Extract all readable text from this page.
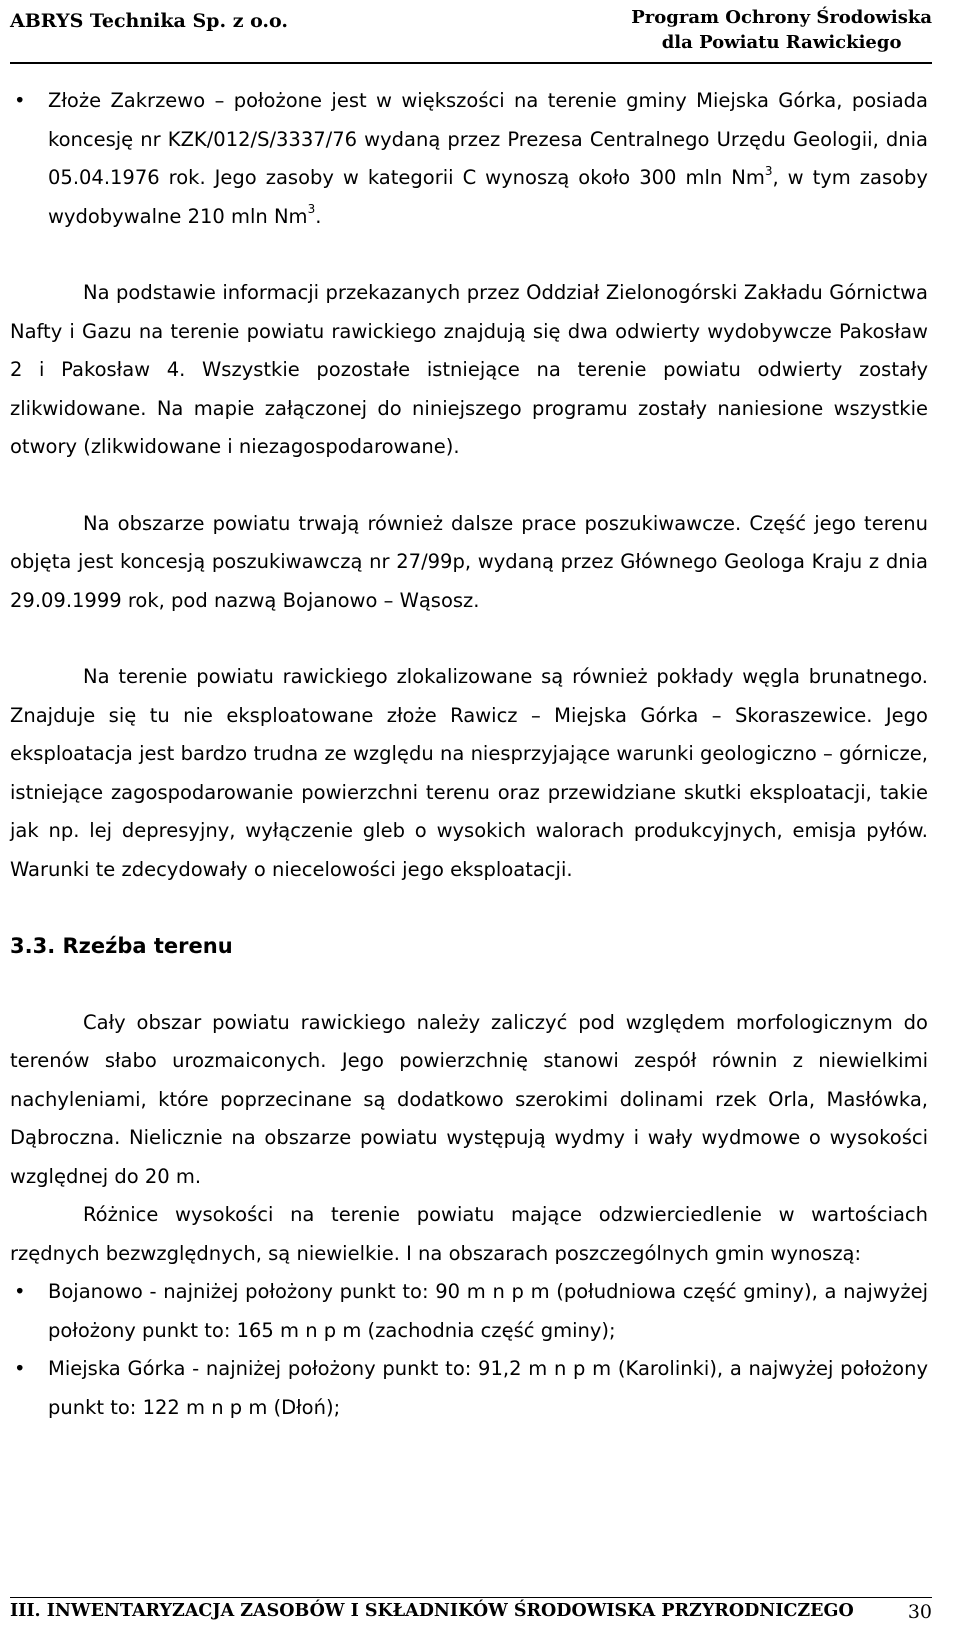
ABRYS Technika Sp. z o.o.	Program Ochrony Środowiska
dla Powiatu Rawickiego

• Złoże Zakrzewo – położone jest w większości na terenie gminy Miejska Górka, posiada koncesję nr KZK/012/S/3337/76 wydaną przez Prezesa Centralnego Urzędu Geologii, dnia 05.04.1976 rok. Jego zasoby w kategorii C wynoszą około 300 mln Nm$^3$, w tym zasoby wydobywalne 210 mln Nm$^3$.

Na podstawie informacji przekazanych przez Oddział Zielonogórski Zakładu Górnictwa Nafty i Gazu na terenie powiatu rawickiego znajdują się dwa odwierty wydobywcze Pakosław 2 i Pakosław 4. Wszystkie pozostałe istniejące na terenie powiatu odwierty zostały zlikwidowane. Na mapie załączonej do niniejszego programu zostały naniesione wszystkie otwory (zlikwidowane i niezagospodarowane).

Na obszarze powiatu trwają również dalsze prace poszukiwawcze. Część jego terenu objęta jest koncesją poszukiwawczą nr 27/99p, wydaną przez Głównego Geologa Kraju z dnia 29.09.1999 rok, pod nazwą Bojanowo – Wąsosz.

Na terenie powiatu rawickiego zlokalizowane są również pokłady węgla brunatnego. Znajduje się tu nie eksploatowane złoże Rawicz – Miejska Górka – Skoraszewice. Jego eksploatacja jest bardzo trudna ze względu na niesprzyjające warunki geologiczno – górnicze, istniejące zagospodarowanie powierzchni terenu oraz przewidziane skutki eksploatacji, takie jak np. lej depresyjny, wyłączenie gleb o wysokich walorach produkcyjnych, emisja pyłów. Warunki te zdecydowały o niecelowości jego eksploatacji.

3.3. Rzeźba terenu

Cały obszar powiatu rawickiego należy zaliczyć pod względem morfologicznym do terenów słabo urozmaiconych. Jego powierzchnię stanowi zespół równin z niewielkimi nachyleniami, które poprzecinane są dodatkowo szerokimi dolinami rzek Orla, Masłówka, Dąbroczna. Nielicznie na obszarze powiatu występują wydmy i wały wydmowe o wysokości względnej do 20 m.

Różnice wysokości na terenie powiatu mające odzwierciedlenie w wartościach rzędnych bezwzględnych, są niewielkie. I na obszarach poszczególnych gmin wynoszą:

• Bojanowo - najniżej położony punkt to: 90 m n p m (południowa część gminy), a najwyżej położony punkt to: 165 m n p m (zachodnia część gminy);

• Miejska Górka - najniżej położony punkt to: 91,2 m n p m (Karolinki), a najwyżej położony punkt to: 122 m n p m (Dłoń);

III. INWENTARYZACJA ZASOBÓW I SKŁADNIKÓW ŚRODOWISKA PRZYRODNICZEGO	30
